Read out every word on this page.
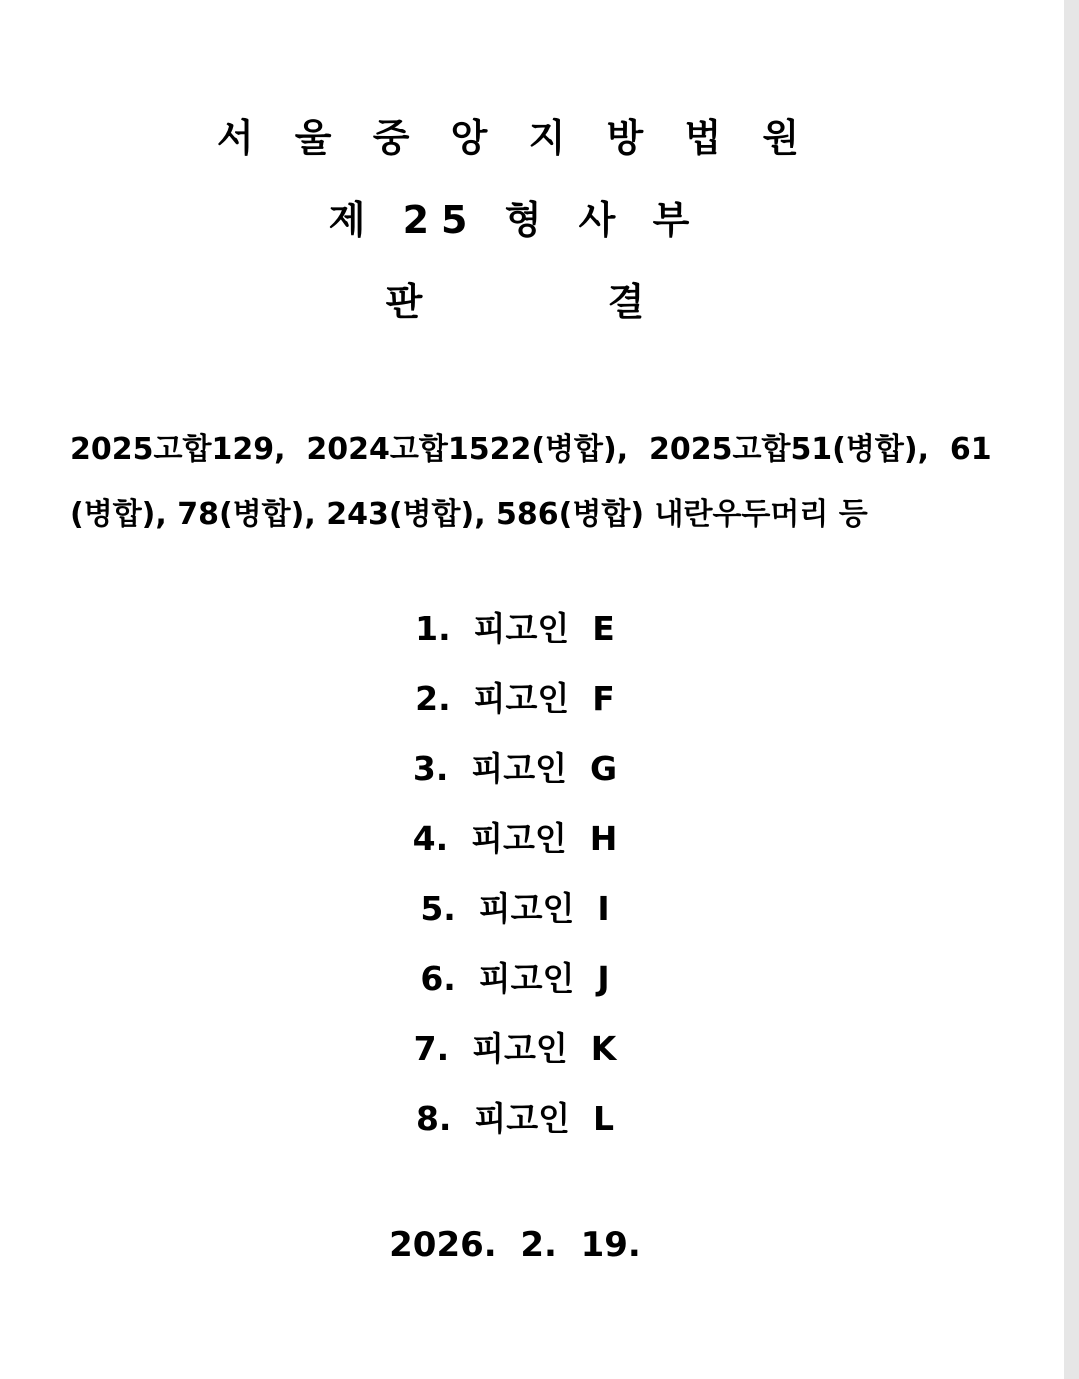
서 울 중 앙 지 방 법 원
제 25 형 사 부
판              결
2025고합129,  2024고합1522(병합),  2025고합51(병합),  61
(병합), 78(병합), 243(병합), 586(병합) 내란우두머리 등
1.  피고인  E
2.  피고인  F
3.  피고인  G
4.  피고인  H
5.  피고인  I
6.  피고인  J
7.  피고인  K
8.  피고인  L
2026.  2.  19.
